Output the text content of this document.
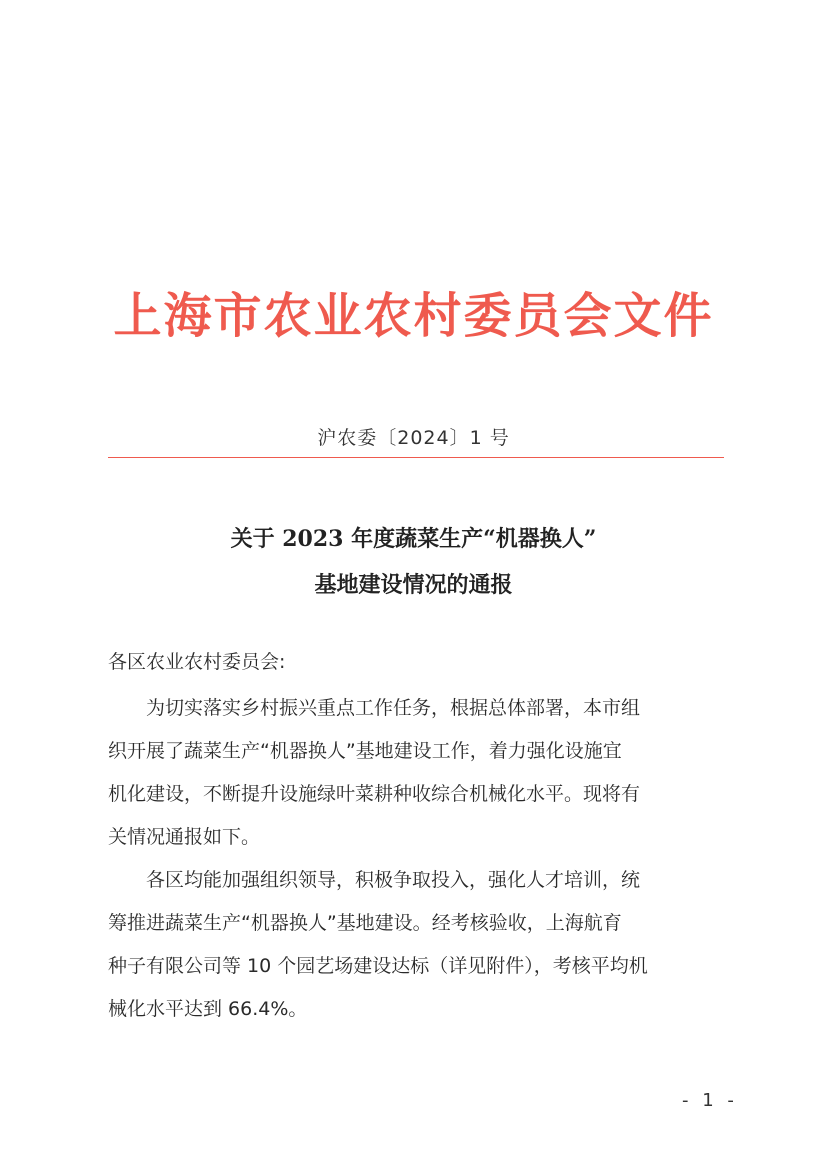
上海市农业农村委员会文件
沪农委〔2024〕1 号
关于 2023 年度蔬菜生产“机器换人”
基地建设情况的通报
各区农业农村委员会:
为切实落实乡村振兴重点工作任务，根据总体部署，本市组
织开展了蔬菜生产“机器换人”基地建设工作，着力强化设施宜
机化建设，不断提升设施绿叶菜耕种收综合机械化水平。现将有
关情况通报如下。
各区均能加强组织领导，积极争取投入，强化人才培训，统
筹推进蔬菜生产“机器换人”基地建设。经考核验收，上海航育
种子有限公司等 10 个园艺场建设达标（详见附件），考核平均机
械化水平达到 66.4%。
- 1 -
